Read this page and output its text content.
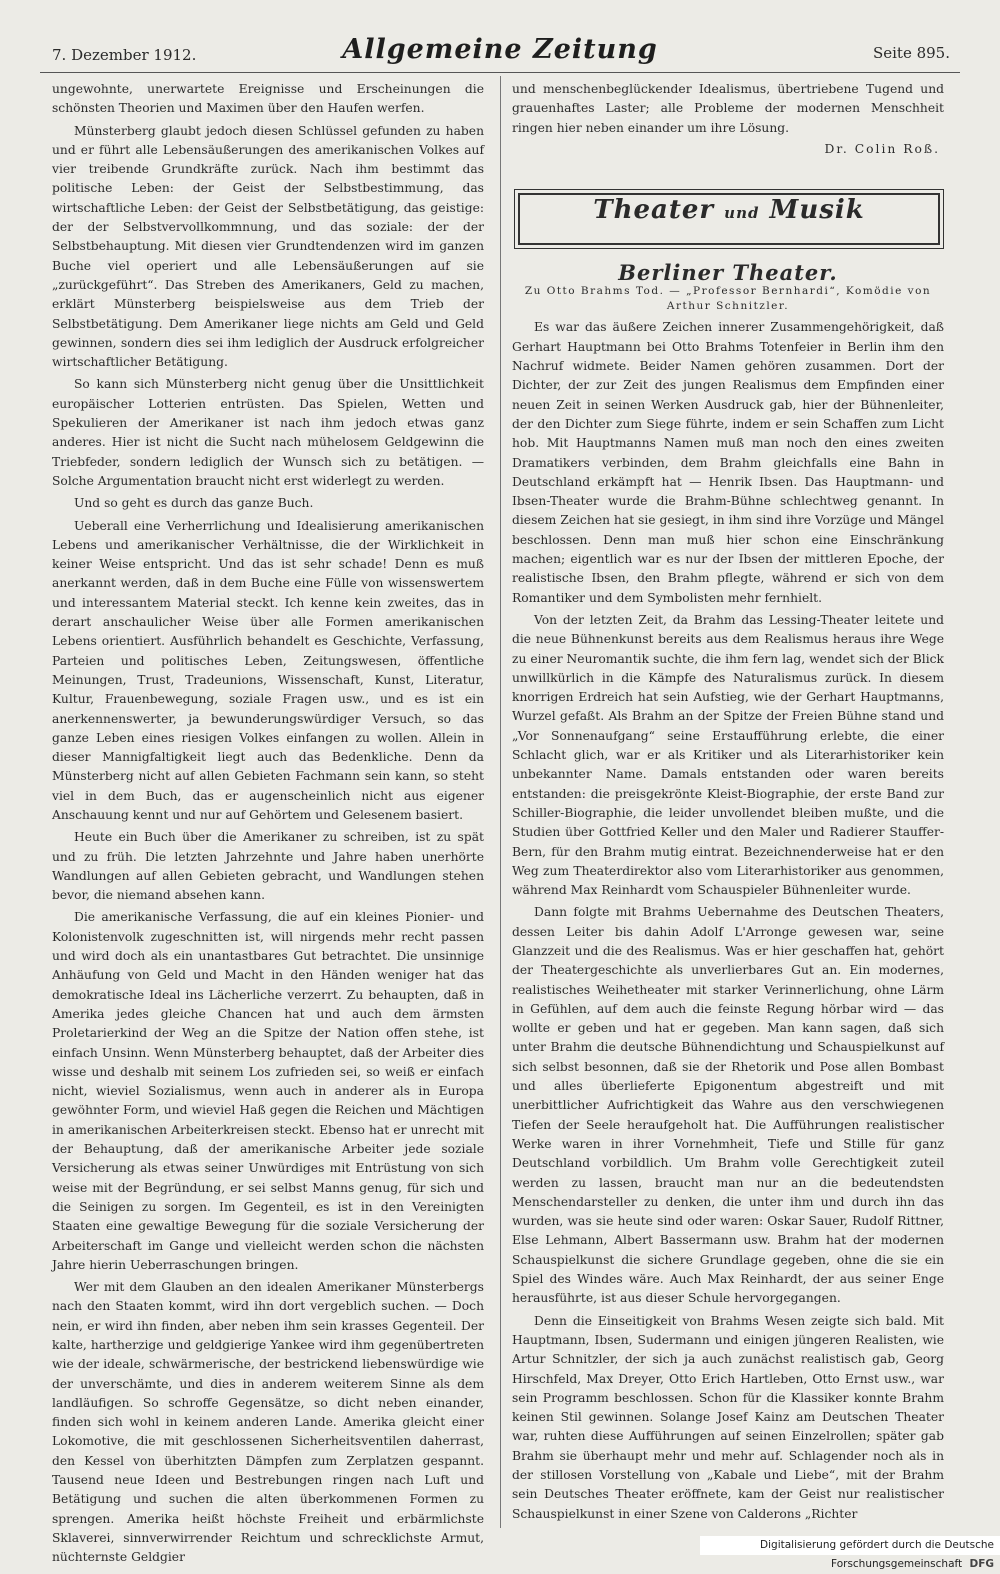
7. Dezember 1912.	Allgemeine Zeitung	Seite 895.

ungewohnte, unerwartete Ereignisse und Erscheinungen die schönsten Theorien und Maximen über den Haufen werfen.

Münsterberg glaubt jedoch diesen Schlüssel gefunden zu haben und er führt alle Lebensäußerungen des amerikanischen Volkes auf vier treibende Grundkräfte zurück. Nach ihm bestimmt das politische Leben: der Geist der Selbstbestimmung, das wirtschaftliche Leben: der Geist der Selbstbetätigung, das geistige: der der Selbstvervollkommnung, und das soziale: der der Selbstbehauptung. Mit diesen vier Grundtendenzen wird im ganzen Buche viel operiert und alle Lebensäußerungen auf sie „zurückgeführt“. Das Streben des Amerikaners, Geld zu machen, erklärt Münsterberg beispielsweise aus dem Trieb der Selbstbetätigung. Dem Amerikaner liege nichts am Geld und Geld gewinnen, sondern dies sei ihm lediglich der Ausdruck erfolgreicher wirtschaftlicher Betätigung.

So kann sich Münsterberg nicht genug über die Unsittlichkeit europäischer Lotterien entrüsten. Das Spielen, Wetten und Spekulieren der Amerikaner ist nach ihm jedoch etwas ganz anderes. Hier ist nicht die Sucht nach mühelosem Geldgewinn die Triebfeder, sondern lediglich der Wunsch sich zu betätigen. — Solche Argumentation braucht nicht erst widerlegt zu werden.

Und so geht es durch das ganze Buch.

Ueberall eine Verherrlichung und Idealisierung amerikanischen Lebens und amerikanischer Verhältnisse, die der Wirklichkeit in keiner Weise entspricht. Und das ist sehr schade! Denn es muß anerkannt werden, daß in dem Buche eine Fülle von wissenswertem und interessantem Material steckt. Ich kenne kein zweites, das in derart anschaulicher Weise über alle Formen amerikanischen Lebens orientiert. Ausführlich behandelt es Geschichte, Verfassung, Parteien und politisches Leben, Zeitungswesen, öffentliche Meinungen, Trust, Tradeunions, Wissenschaft, Kunst, Literatur, Kultur, Frauenbewegung, soziale Fragen usw., und es ist ein anerkennenswerter, ja bewunderungswürdiger Versuch, so das ganze Leben eines riesigen Volkes einfangen zu wollen. Allein in dieser Mannigfaltigkeit liegt auch das Bedenkliche. Denn da Münsterberg nicht auf allen Gebieten Fachmann sein kann, so steht viel in dem Buch, das er augenscheinlich nicht aus eigener Anschauung kennt und nur auf Gehörtem und Gelesenem basiert.

Heute ein Buch über die Amerikaner zu schreiben, ist zu spät und zu früh. Die letzten Jahrzehnte und Jahre haben unerhörte Wandlungen auf allen Gebieten gebracht, und Wandlungen stehen bevor, die niemand absehen kann.

Die amerikanische Verfassung, die auf ein kleines Pionier- und Kolonistenvolk zugeschnitten ist, will nirgends mehr recht passen und wird doch als ein unantastbares Gut betrachtet. Die unsinnige Anhäufung von Geld und Macht in den Händen weniger hat das demokratische Ideal ins Lächerliche verzerrt. Zu behaupten, daß in Amerika jedes gleiche Chancen hat und auch dem ärmsten Proletarierkind der Weg an die Spitze der Nation offen stehe, ist einfach Unsinn. Wenn Münsterberg behauptet, daß der Arbeiter dies wisse und deshalb mit seinem Los zufrieden sei, so weiß er einfach nicht, wieviel Sozialismus, wenn auch in anderer als in Europa gewöhnter Form, und wieviel Haß gegen die Reichen und Mächtigen in amerikanischen Arbeiterkreisen steckt. Ebenso hat er unrecht mit der Behauptung, daß der amerikanische Arbeiter jede soziale Versicherung als etwas seiner Unwürdiges mit Entrüstung von sich weise mit der Begründung, er sei selbst Manns genug, für sich und die Seinigen zu sorgen. Im Gegenteil, es ist in den Vereinigten Staaten eine gewaltige Bewegung für die soziale Versicherung der Arbeiterschaft im Gange und vielleicht werden schon die nächsten Jahre hierin Ueberraschungen bringen.

Wer mit dem Glauben an den idealen Amerikaner Münsterbergs nach den Staaten kommt, wird ihn dort vergeblich suchen. — Doch nein, er wird ihn finden, aber neben ihm sein krasses Gegenteil. Der kalte, hartherzige und geldgierige Yankee wird ihm gegenübertreten wie der ideale, schwärmerische, der bestrickend liebenswürdige wie der unverschämte, und dies in anderem weiterem Sinne als dem landläufigen. So schroffe Gegensätze, so dicht neben einander, finden sich wohl in keinem anderen Lande. Amerika gleicht einer Lokomotive, die mit geschlossenen Sicherheitsventilen daherrast, den Kessel von überhitzten Dämpfen zum Zerplatzen gespannt. Tausend neue Ideen und Bestrebungen ringen nach Luft und Betätigung und suchen die alten überkommenen Formen zu sprengen. Amerika heißt höchste Freiheit und erbärmlichste Sklaverei, sinnverwirrender Reichtum und schrecklichste Armut, nüchternste Geldgier

und menschenbeglückender Idealismus, übertriebene Tugend und grauenhaftes Laster; alle Probleme der modernen Menschheit ringen hier neben einander um ihre Lösung.

Dr. Colin Roß.
Theater und Musik
Berliner Theater.
Zu Otto Brahms Tod. — „Professor Bernhardi“, Komödie von Arthur Schnitzler.

Es war das äußere Zeichen innerer Zusammengehörigkeit, daß Gerhart Hauptmann bei Otto Brahms Totenfeier in Berlin ihm den Nachruf widmete. Beider Namen gehören zusammen. Dort der Dichter, der zur Zeit des jungen Realismus dem Empfinden einer neuen Zeit in seinen Werken Ausdruck gab, hier der Bühnenleiter, der den Dichter zum Siege führte, indem er sein Schaffen zum Licht hob. Mit Hauptmanns Namen muß man noch den eines zweiten Dramatikers verbinden, dem Brahm gleichfalls eine Bahn in Deutschland erkämpft hat — Henrik Ibsen. Das Hauptmann- und Ibsen-Theater wurde die Brahm-Bühne schlechtweg genannt. In diesem Zeichen hat sie gesiegt, in ihm sind ihre Vorzüge und Mängel beschlossen. Denn man muß hier schon eine Einschränkung machen; eigentlich war es nur der Ibsen der mittleren Epoche, der realistische Ibsen, den Brahm pflegte, während er sich von dem Romantiker und dem Symbolisten mehr fernhielt.

Von der letzten Zeit, da Brahm das Lessing-Theater leitete und die neue Bühnenkunst bereits aus dem Realismus heraus ihre Wege zu einer Neuromantik suchte, die ihm fern lag, wendet sich der Blick unwillkürlich in die Kämpfe des Naturalismus zurück. In diesem knorrigen Erdreich hat sein Aufstieg, wie der Gerhart Hauptmanns, Wurzel gefaßt. Als Brahm an der Spitze der Freien Bühne stand und „Vor Sonnenaufgang“ seine Erstaufführung erlebte, die einer Schlacht glich, war er als Kritiker und als Literarhistoriker kein unbekannter Name. Damals entstanden oder waren bereits entstanden: die preisgekrönte Kleist-Biographie, der erste Band zur Schiller-Biographie, die leider unvollendet bleiben mußte, und die Studien über Gottfried Keller und den Maler und Radierer Stauffer-Bern, für den Brahm mutig eintrat. Bezeichnenderweise hat er den Weg zum Theaterdirektor also vom Literarhistoriker aus genommen, während Max Reinhardt vom Schauspieler Bühnenleiter wurde.

Dann folgte mit Brahms Uebernahme des Deutschen Theaters, dessen Leiter bis dahin Adolf L'Arronge gewesen war, seine Glanzzeit und die des Realismus. Was er hier geschaffen hat, gehört der Theatergeschichte als unverlierbares Gut an. Ein modernes, realistisches Weihetheater mit starker Verinnerlichung, ohne Lärm in Gefühlen, auf dem auch die feinste Regung hörbar wird — das wollte er geben und hat er gegeben. Man kann sagen, daß sich unter Brahm die deutsche Bühnendichtung und Schauspielkunst auf sich selbst besonnen, daß sie der Rhetorik und Pose allen Bombast und alles überlieferte Epigonentum abgestreift und mit unerbittlicher Aufrichtigkeit das Wahre aus den verschwiegenen Tiefen der Seele heraufgeholt hat. Die Aufführungen realistischer Werke waren in ihrer Vornehmheit, Tiefe und Stille für ganz Deutschland vorbildlich. Um Brahm volle Gerechtigkeit zuteil werden zu lassen, braucht man nur an die bedeutendsten Menschendarsteller zu denken, die unter ihm und durch ihn das wurden, was sie heute sind oder waren: Oskar Sauer, Rudolf Rittner, Else Lehmann, Albert Bassermann usw. Brahm hat der modernen Schauspielkunst die sichere Grundlage gegeben, ohne die sie ein Spiel des Windes wäre. Auch Max Reinhardt, der aus seiner Enge herausführte, ist aus dieser Schule hervorgegangen.

Denn die Einseitigkeit von Brahms Wesen zeigte sich bald. Mit Hauptmann, Ibsen, Sudermann und einigen jüngeren Realisten, wie Artur Schnitzler, der sich ja auch zunächst realistisch gab, Georg Hirschfeld, Max Dreyer, Otto Erich Hartleben, Otto Ernst usw., war sein Programm beschlossen. Schon für die Klassiker konnte Brahm keinen Stil gewinnen. Solange Josef Kainz am Deutschen Theater war, ruhten diese Aufführungen auf seinen Einzelrollen; später gab Brahm sie überhaupt mehr und mehr auf. Schlagender noch als in der stillosen Vorstellung von „Kabale und Liebe“, mit der Brahm sein Deutsches Theater eröffnete, kam der Geist nur realistischer Schauspielkunst in einer Szene von Calderons „Richter

Digitalisierung gefördert durch die Deutsche Forschungsgemeinschaft DFG
